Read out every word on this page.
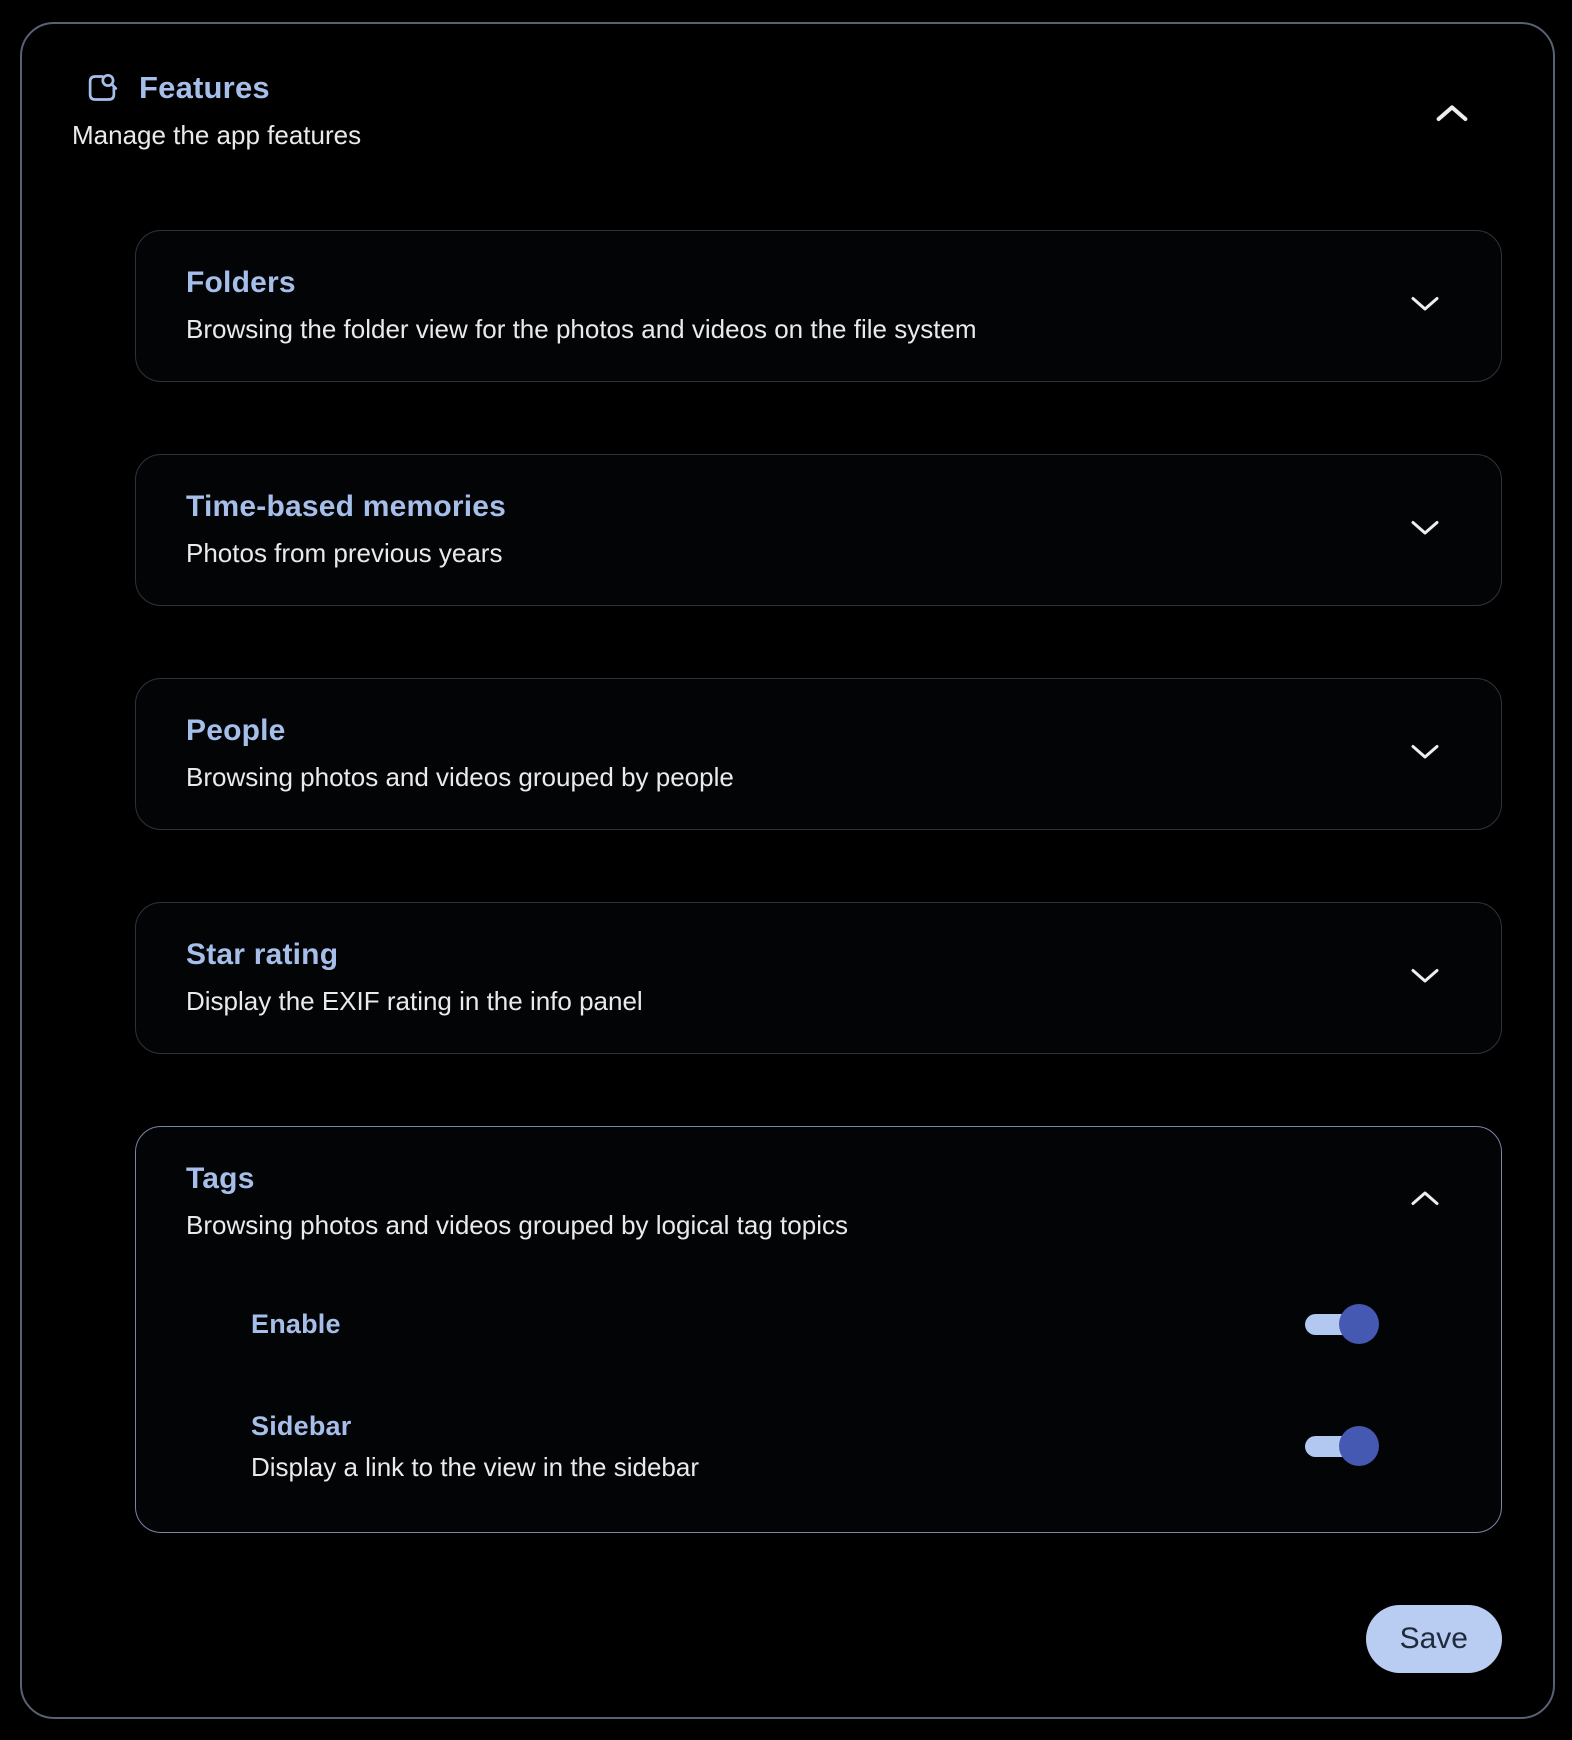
Features
Manage the app features
Folders
Browsing the folder view for the photos and videos on the file system
Time-based memories
Photos from previous years
People
Browsing photos and videos grouped by people
Star rating
Display the EXIF rating in the info panel
Tags
Browsing photos and videos grouped by logical tag topics
Enable
Sidebar
Display a link to the view in the sidebar
Save
